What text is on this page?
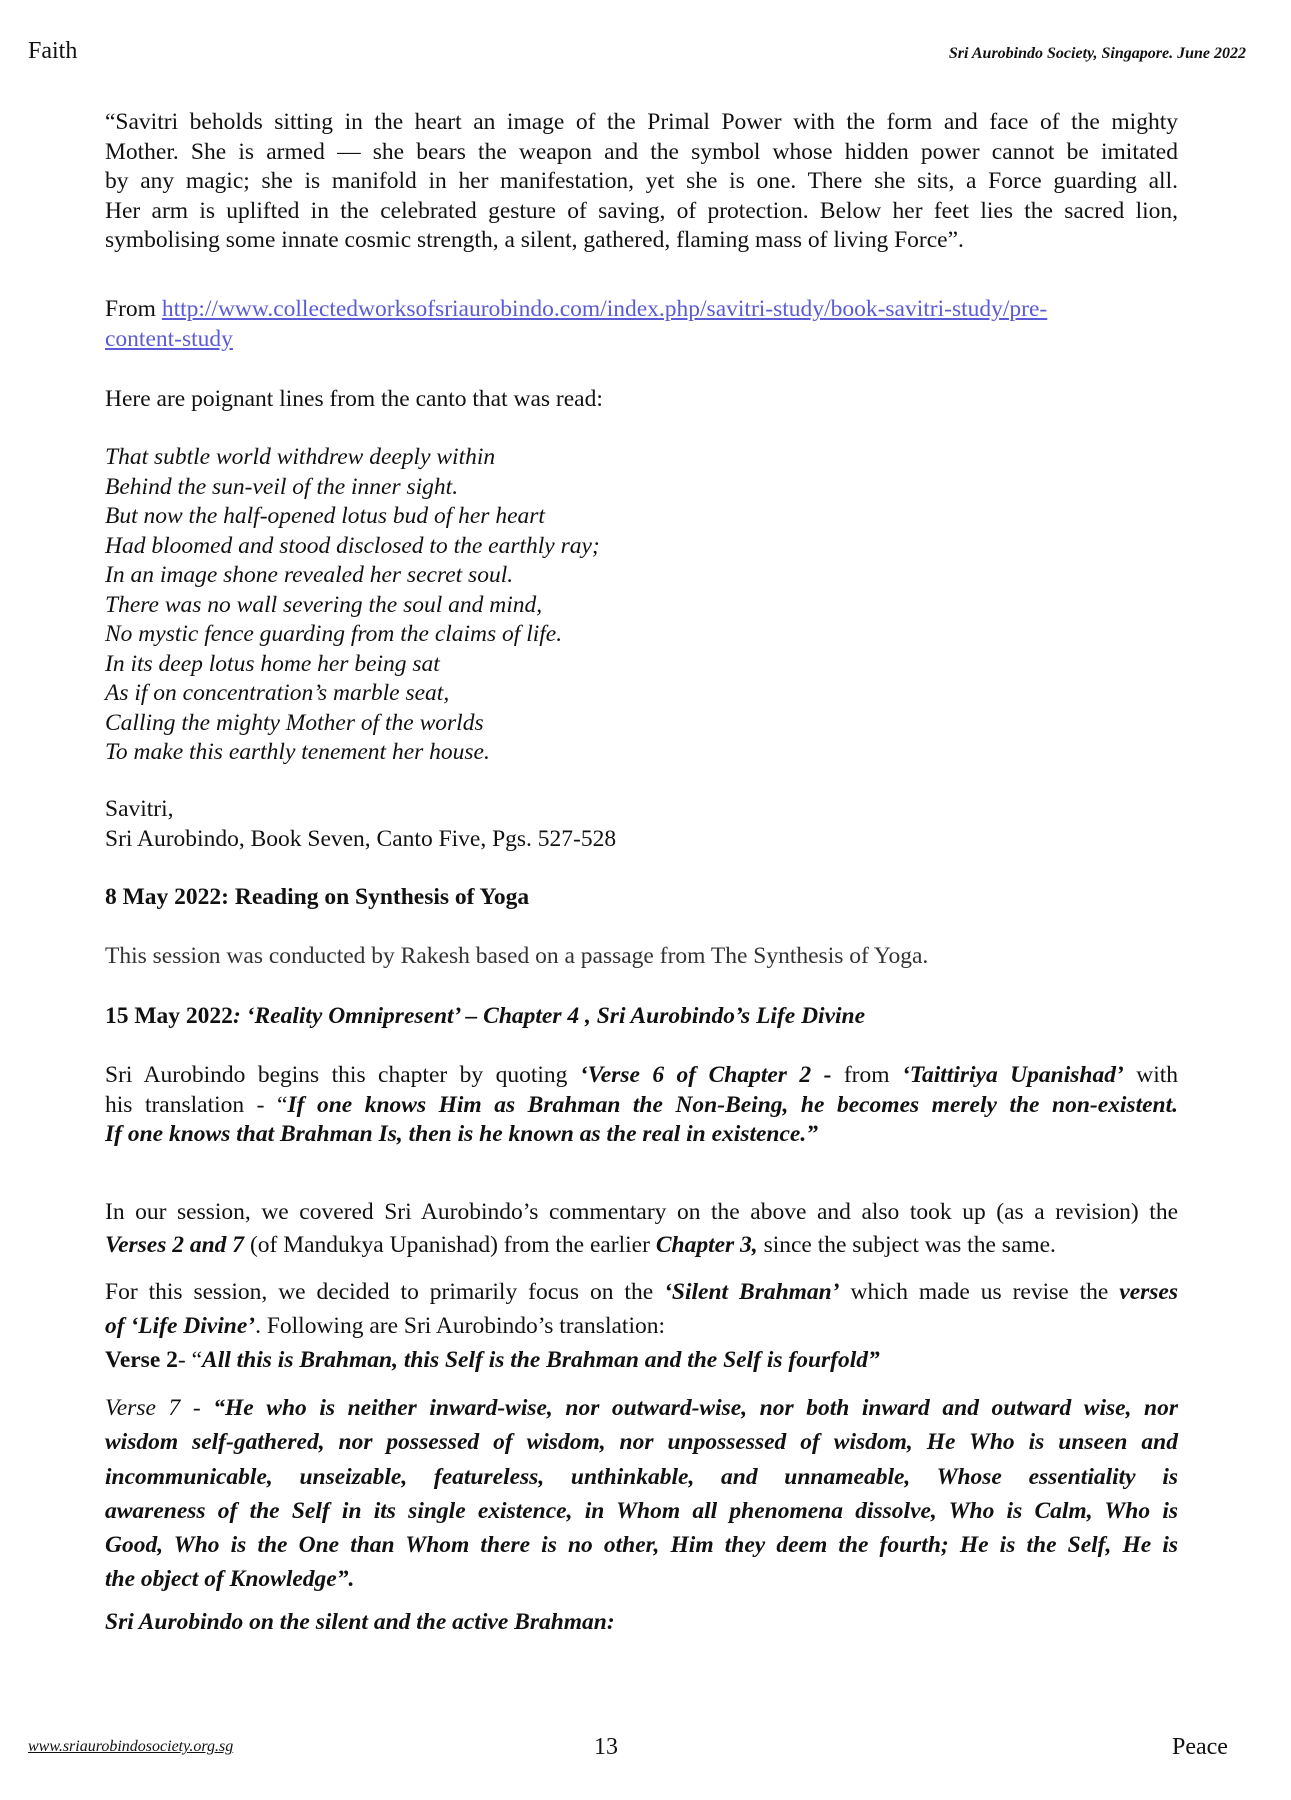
Faith	Sri Aurobindo Society, Singapore. June 2022
“Savitri beholds sitting in the heart an image of the Primal Power with the form and face of the mighty
Mother. She is armed — she bears the weapon and the symbol whose hidden power cannot be imitated
by any magic; she is manifold in her manifestation, yet she is one. There she sits, a Force guarding all.
Her arm is uplifted in the celebrated gesture of saving, of protection. Below her feet lies the sacred lion,
symbolising some innate cosmic strength, a silent, gathered, flaming mass of living Force”.
From http://www.collectedworksofsriaurobindo.com/index.php/savitri-study/book-savitri-study/pre-
content-study
Here are poignant lines from the canto that was read:
That subtle world withdrew deeply within
Behind the sun-veil of the inner sight.
But now the half-opened lotus bud of her heart
Had bloomed and stood disclosed to the earthly ray;
In an image shone revealed her secret soul.
There was no wall severing the soul and mind,
No mystic fence guarding from the claims of life.
In its deep lotus home her being sat
As if on concentration’s marble seat,
Calling the mighty Mother of the worlds
To make this earthly tenement her house.
Savitri,
Sri Aurobindo, Book Seven, Canto Five, Pgs. 527-528
8 May 2022: Reading on Synthesis of Yoga
This session was conducted by Rakesh based on a passage from The Synthesis of Yoga.
15 May 2022: ‘Reality Omnipresent’ – Chapter 4 , Sri Aurobindo’s Life Divine
Sri Aurobindo begins this chapter by quoting ‘Verse 6 of Chapter 2 - from ‘Taittiriya Upanishad’ with
his translation - “If one knows Him as Brahman the Non-Being, he becomes merely the non-existent.
If one knows that Brahman Is, then is he known as the real in existence.”
In our session, we covered Sri Aurobindo’s commentary on the above and also took up (as a revision) the
Verses 2 and 7 (of Mandukya Upanishad) from the earlier Chapter 3, since the subject was the same.
For this session, we decided to primarily focus on the ‘Silent Brahman’ which made us revise the verses
of ‘Life Divine’. Following are Sri Aurobindo’s translation:
Verse 2- “All this is Brahman, this Self is the Brahman and the Self is fourfold”
Verse 7 - “He who is neither inward-wise, nor outward-wise, nor both inward and outward wise, nor
wisdom self-gathered, nor possessed of wisdom, nor unpossessed of wisdom, He Who is unseen and
incommunicable, unseizable, featureless, unthinkable, and unnameable, Whose essentiality is
awareness of the Self in its single existence, in Whom all phenomena dissolve, Who is Calm, Who is
Good, Who is the One than Whom there is no other, Him they deem the fourth; He is the Self, He is
the object of Knowledge”.
Sri Aurobindo on the silent and the active Brahman:
www.sriaurobindosociety.org.sg	13	Peace
